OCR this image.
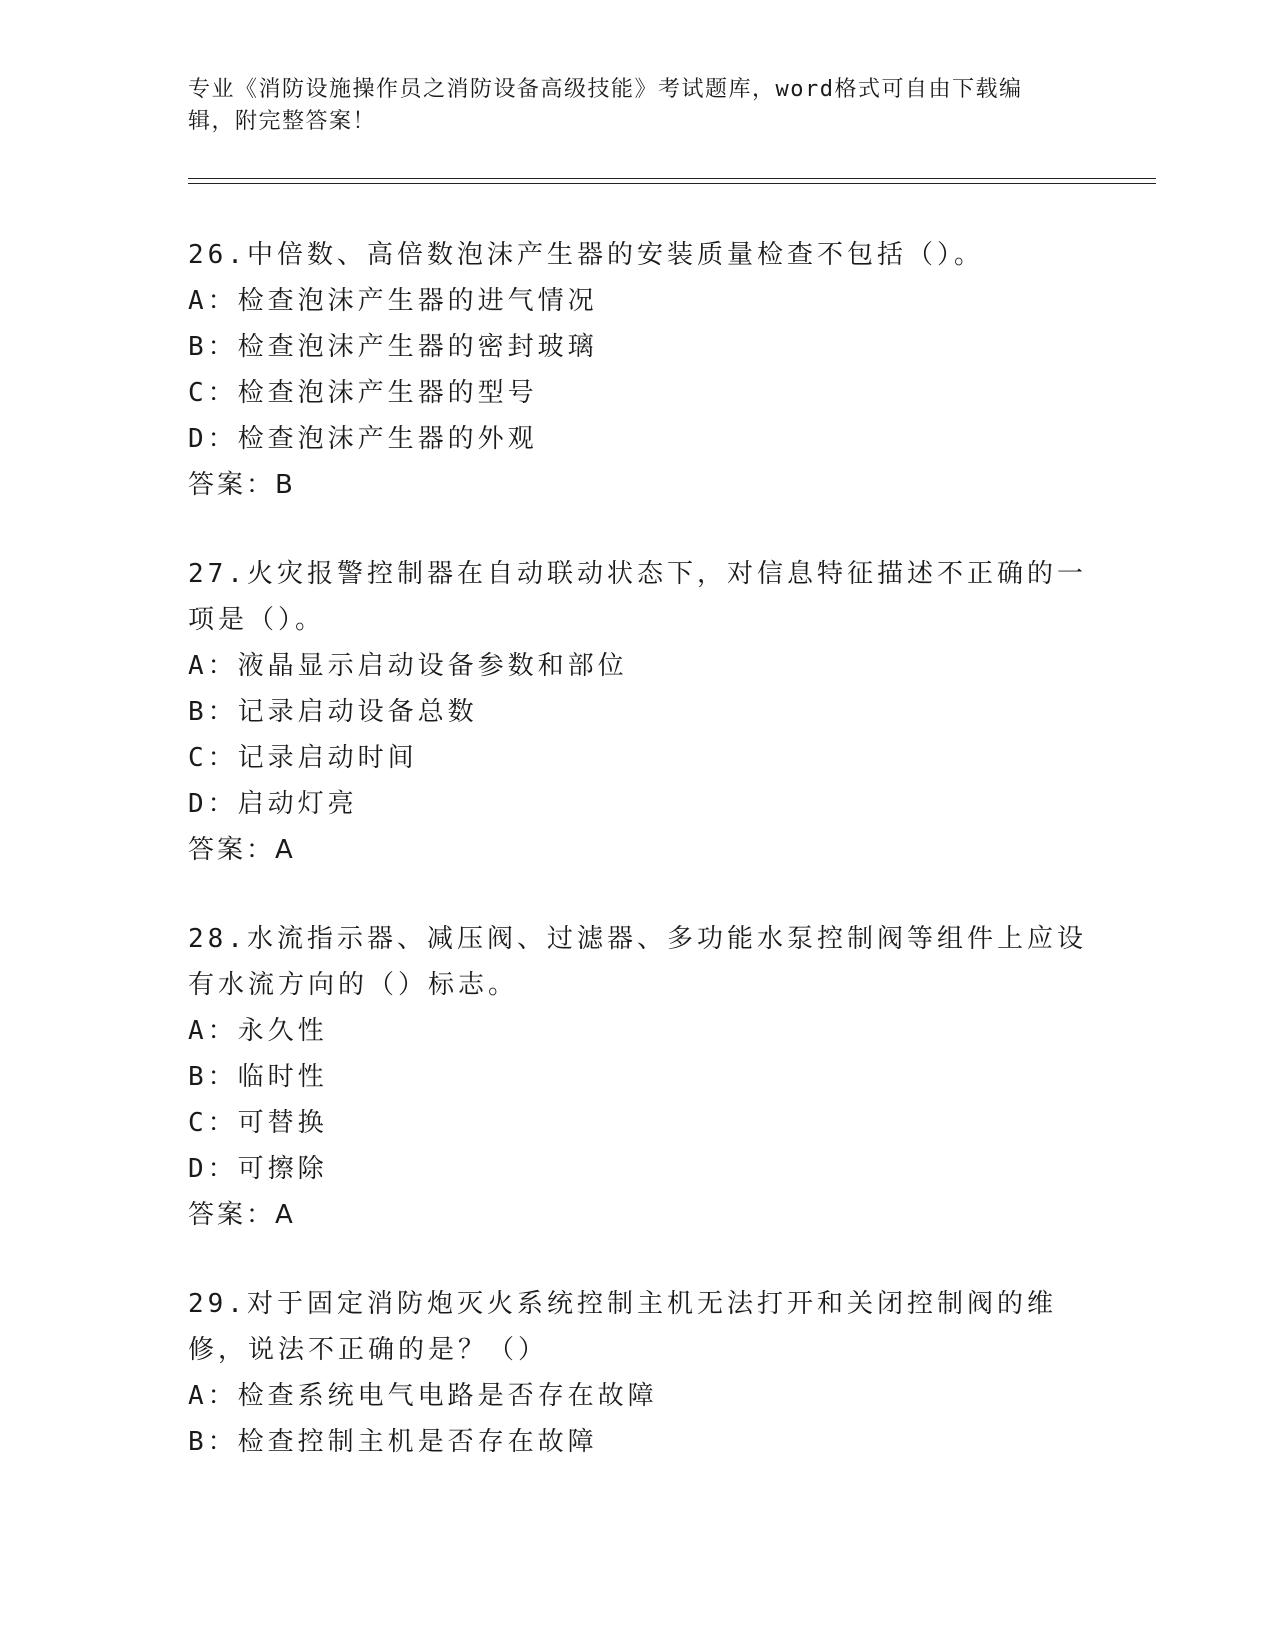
专业《消防设施操作员之消防设备高级技能》考试题库，word格式可自由下载编辑，附完整答案！
26.中倍数、高倍数泡沫产生器的安装质量检查不包括（）。
A：检查泡沫产生器的进气情况
B：检查泡沫产生器的密封玻璃
C：检查泡沫产生器的型号
D：检查泡沫产生器的外观
答案：B
27.火灾报警控制器在自动联动状态下，对信息特征描述不正确的一项是（）。
A：液晶显示启动设备参数和部位
B：记录启动设备总数
C：记录启动时间
D：启动灯亮
答案：A
28.水流指示器、减压阀、过滤器、多功能水泵控制阀等组件上应设有水流方向的（）标志。
A：永久性
B：临时性
C：可替换
D：可擦除
答案：A
29.对于固定消防炮灭火系统控制主机无法打开和关闭控制阀的维修，说法不正确的是？（）
A：检查系统电气电路是否存在故障
B：检查控制主机是否存在故障
